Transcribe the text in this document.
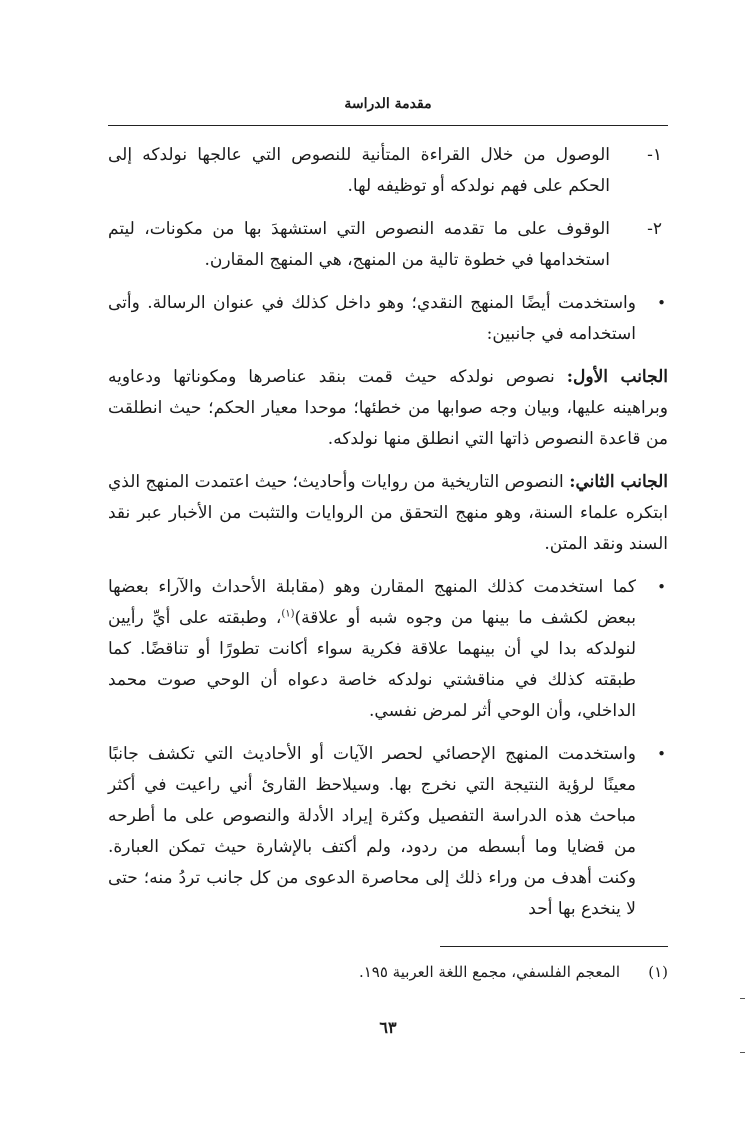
مقدمة الدراسة
١-
الوصول من خلال القراءة المتأنية للنصوص التي عالجها نولدكه إلى الحكم على فهم نولدكه أو توظيفه لها.
٢-
الوقوف على ما تقدمه النصوص التي استشهدَ بها من مكونات، ليتم استخدامها في خطوة تالية من المنهج، هي المنهج المقارن.
•
واستخدمت أيضًا المنهج النقدي؛ وهو داخل كذلك في عنوان الرسالة. وأتى استخدامه في جانبين:
الجانب الأول: نصوص نولدكه حيث قمت بنقد عناصرها ومكوناتها ودعاويه وبراهينه عليها، وبيان وجه صوابها من خطئها؛ موحدا معيار الحكم؛ حيث انطلقت من قاعدة النصوص ذاتها التي انطلق منها نولدكه.
الجانب الثاني: النصوص التاريخية من روايات وأحاديث؛ حيث اعتمدت المنهج الذي ابتكره علماء السنة، وهو منهج التحقق من الروايات والتثبت من الأخبار عبر نقد السند ونقد المتن.
•
كما استخدمت كذلك المنهج المقارن وهو (مقابلة الأحداث والآراء بعضها ببعض لكشف ما بينها من وجوه شبه أو علاقة)$^{(١)}$، وطبقته على أيِّ رأيين لنولدكه بدا لي أن بينهما علاقة فكرية سواء أكانت تطورًا أو تناقضًا. كما طبقته كذلك في مناقشتي نولدكه خاصة دعواه أن الوحي صوت محمد الداخلي، وأن الوحي أثر لمرض نفسي.
•
واستخدمت المنهج الإحصائي لحصر الآيات أو الأحاديث التي تكشف جانبًا معينًا لرؤية النتيجة التي نخرج بها. وسيلاحظ القارئ أني راعيت في أكثر مباحث هذه الدراسة التفصيل وكثرة إيراد الأدلة والنصوص على ما أطرحه من قضايا وما أبسطه من ردود، ولم أكتف بالإشارة حيث تمكن العبارة. وكنت أهدف من وراء ذلك إلى محاصرة الدعوى من كل جانب تردُ منه؛ حتى لا ينخدع بها أحد
(١)المعجم الفلسفي، مجمع اللغة العربية ١٩٥.
٦٣
